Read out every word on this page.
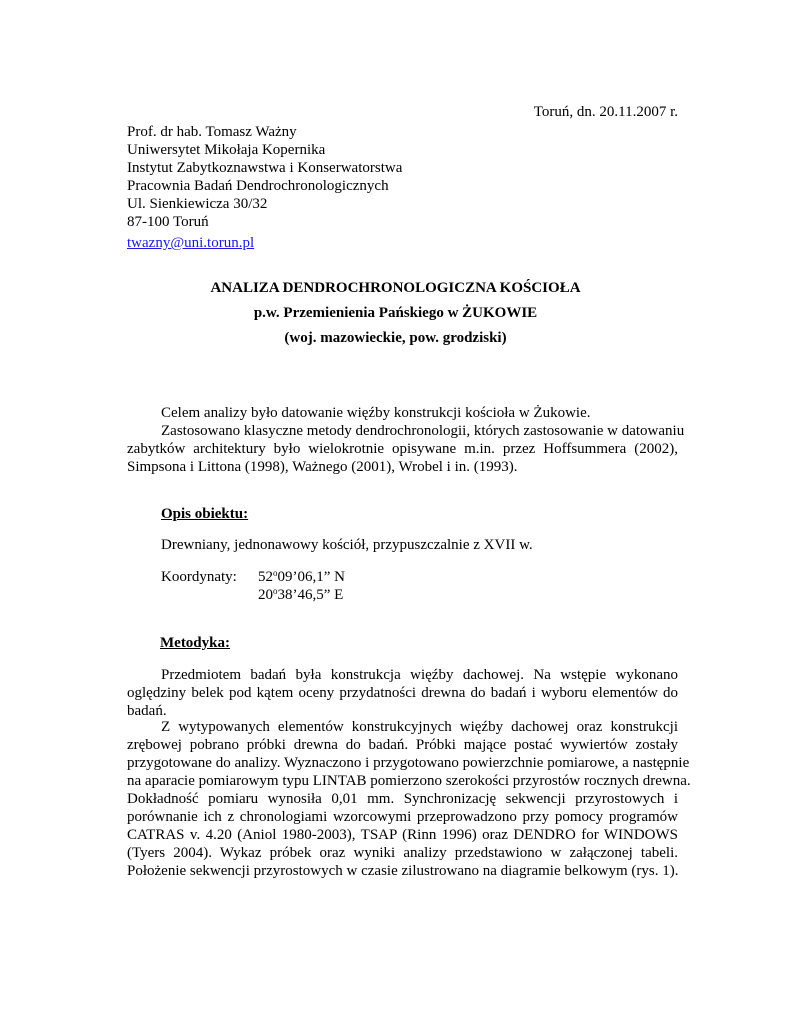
Toruń, dn. 20.11.2007 r.
Prof. dr hab. Tomasz Ważny
Uniwersytet Mikołaja Kopernika
Instytut Zabytkoznawstwa i Konserwatorstwa
Pracownia Badań Dendrochronologicznych
Ul. Sienkiewicza 30/32
87-100 Toruń
twazny@uni.torun.pl
ANALIZA DENDROCHRONOLOGICZNA KOŚCIOŁA
p.w. Przemienienia Pańskiego w ŻUKOWIE
(woj. mazowieckie, pow. grodziski)
Celem analizy było datowanie więźby konstrukcji kościoła w Żukowie.
Zastosowano klasyczne metody dendrochronologii, których zastosowanie w datowaniu
zabytków architektury było wielokrotnie opisywane m.in. przez Hoffsummera (2002),
Simpsona i Littona (1998), Ważnego (2001), Wrobel i in. (1993).
Opis obiektu:
Drewniany, jednonawowy kościół, przypuszczalnie z XVII w.
Koordynaty: 52$^o$09’06,1” N
20$^o$38’46,5” E
Metodyka:
Przedmiotem badań była konstrukcja więźby dachowej. Na wstępie wykonano
oględziny belek pod kątem oceny przydatności drewna do badań i wyboru elementów do
badań.
Z wytypowanych elementów konstrukcyjnych więźby dachowej oraz konstrukcji
zrębowej pobrano próbki drewna do badań. Próbki mające postać wywiertów zostały
przygotowane do analizy. Wyznaczono i przygotowano powierzchnie pomiarowe, a następnie
na aparacie pomiarowym typu LINTAB pomierzono szerokości przyrostów rocznych drewna.
Dokładność pomiaru wynosiła 0,01 mm. Synchronizację sekwencji przyrostowych i
porównanie ich z chronologiami wzorcowymi przeprowadzono przy pomocy programów
CATRAS v. 4.20 (Aniol 1980-2003), TSAP (Rinn 1996) oraz DENDRO for WINDOWS
(Tyers 2004). Wykaz próbek oraz wyniki analizy przedstawiono w załączonej tabeli.
Położenie sekwencji przyrostowych w czasie zilustrowano na diagramie belkowym (rys. 1).
